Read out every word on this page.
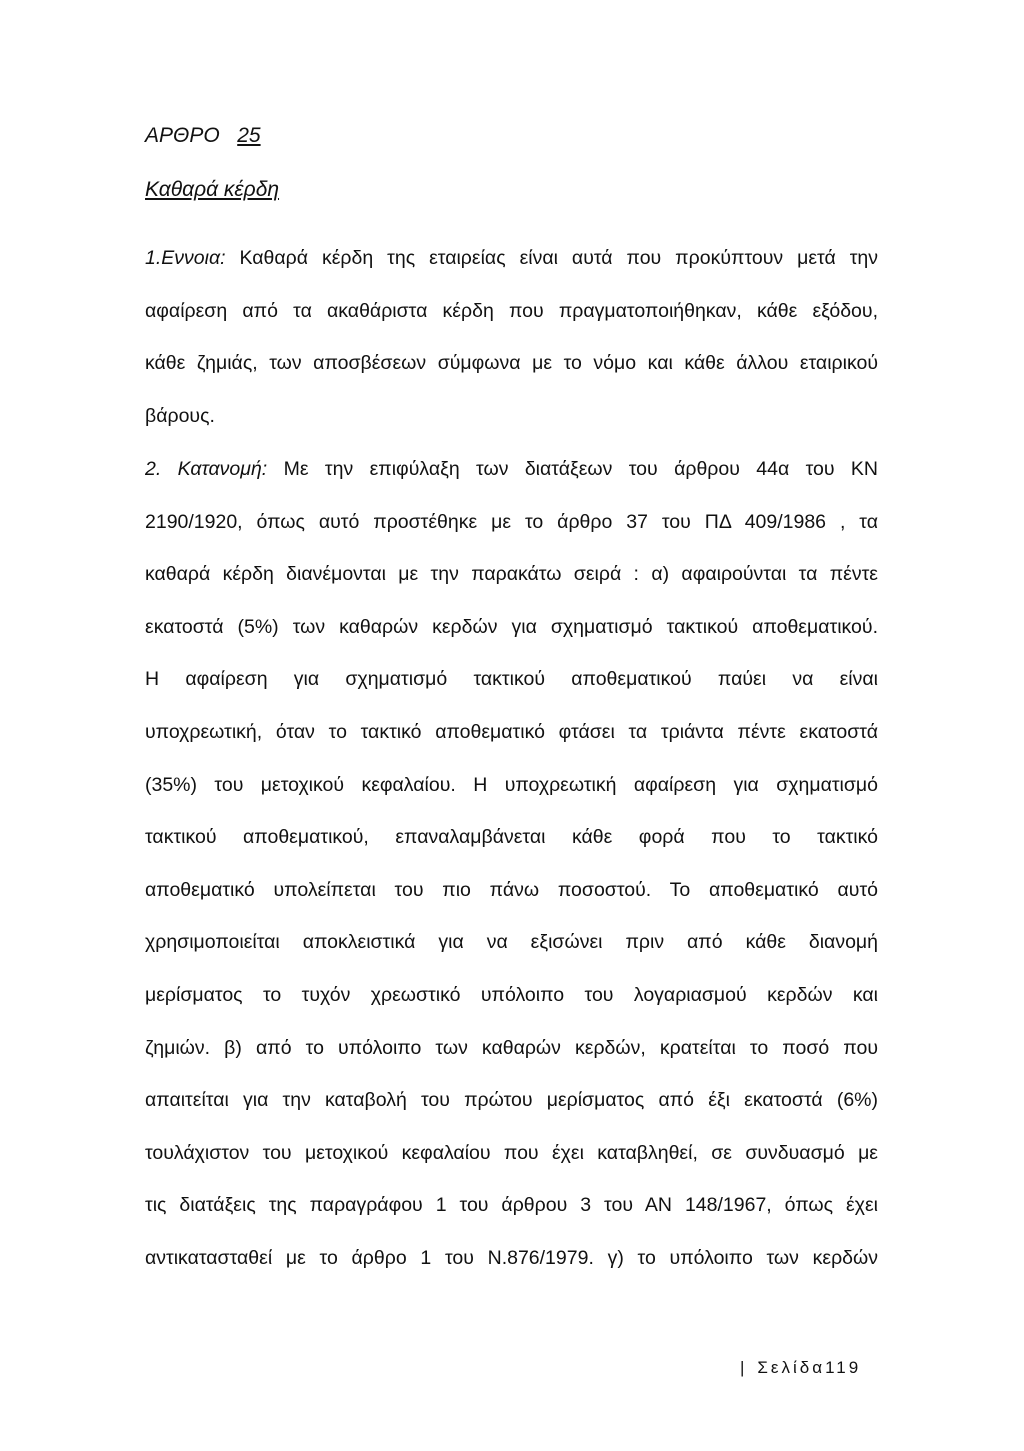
ΑΡΘΡΟ 25
Καθαρά κέρδη
1.Εννοια: Καθαρά κέρδη της εταιρείας είναι αυτά που προκύπτουν μετά την
αφαίρεση από τα ακαθάριστα κέρδη που πραγματοποιήθηκαν, κάθε εξόδου,
κάθε ζημιάς, των αποσβέσεων σύμφωνα με το νόμο και κάθε άλλου εταιρικού
βάρους.
2. Κατανομή: Με την επιφύλαξη των διατάξεων του άρθρου 44α του ΚΝ
2190/1920, όπως αυτό προστέθηκε με το άρθρο 37 του ΠΔ 409/1986 , τα
καθαρά κέρδη διανέμονται με την παρακάτω σειρά : α) αφαιρούνται τα πέντε
εκατοστά (5%) των καθαρών κερδών για σχηματισμό τακτικού αποθεματικού.
Η αφαίρεση για σχηματισμό τακτικού αποθεματικού παύει να είναι
υποχρεωτική, όταν το τακτικό αποθεματικό φτάσει τα τριάντα πέντε εκατοστά
(35%) του μετοχικού κεφαλαίου. Η υποχρεωτική αφαίρεση για σχηματισμό
τακτικού αποθεματικού, επαναλαμβάνεται κάθε φορά που το τακτικό
αποθεματικό υπολείπεται του πιο πάνω ποσοστού. Το αποθεματικό αυτό
χρησιμοποιείται αποκλειστικά για να εξισώνει πριν από κάθε διανομή
μερίσματος το τυχόν χρεωστικό υπόλοιπο του λογαριασμού κερδών και
ζημιών. β) από το υπόλοιπο των καθαρών κερδών, κρατείται το ποσό που
απαιτείται για την καταβολή του πρώτου μερίσματος από έξι εκατοστά (6%)
τουλάχιστον του μετοχικού κεφαλαίου που έχει καταβληθεί, σε συνδυασμό με
τις διατάξεις της παραγράφου 1 του άρθρου 3 του ΑΝ 148/1967, όπως έχει
αντικατασταθεί με το άρθρο 1 του Ν.876/1979. γ) το υπόλοιπο των κερδών
| Σελίδα119
